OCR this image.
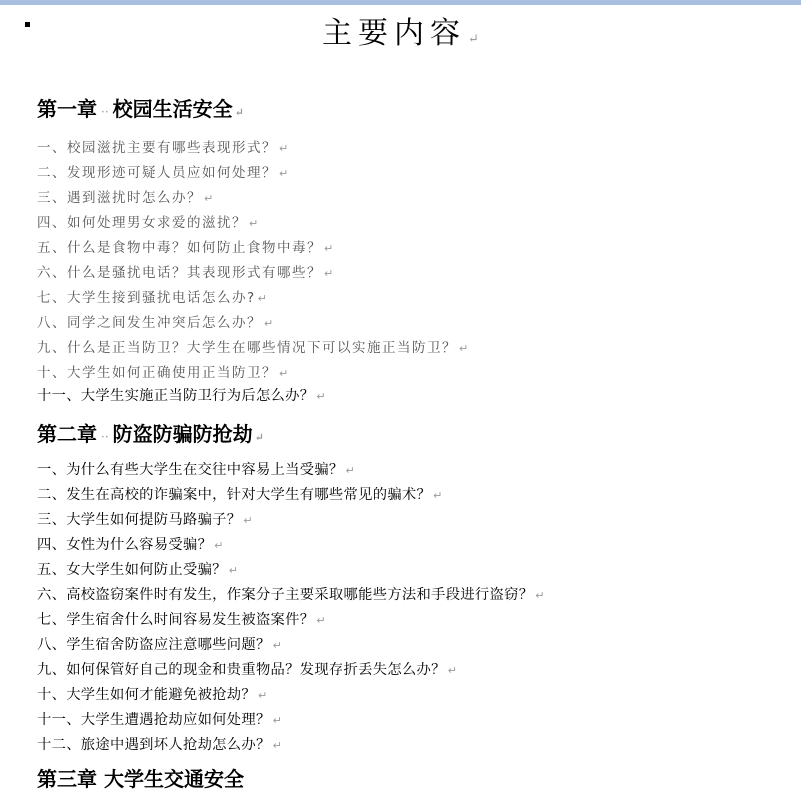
主要内容 ↵
第一章 ·· 校园生活安全 ↵
一、校园滋扰主要有哪些表现形式？ ↵
二、发现形迹可疑人员应如何处理？ ↵
三、遇到滋扰时怎么办？ ↵
四、如何处理男女求爱的滋扰？ ↵
五、什么是食物中毒？如何防止食物中毒？ ↵
六、什么是骚扰电话？其表现形式有哪些？ ↵
七、大学生接到骚扰电话怎么办? ↵
八、同学之间发生冲突后怎么办？ ↵
九、什么是正当防卫？大学生在哪些情况下可以实施正当防卫？ ↵
十、大学生如何正确使用正当防卫？ ↵
十一、大学生实施正当防卫行为后怎么办？ ↵
第二章 ·· 防盗防骗防抢劫 ↵
一、为什么有些大学生在交往中容易上当受骗？ ↵
二、发生在高校的诈骗案中，针对大学生有哪些常见的骗术？ ↵
三、大学生如何提防马路骗子？ ↵
四、女性为什么容易受骗？ ↵
五、女大学生如何防止受骗？ ↵
六、高校盗窃案件时有发生，作案分子主要采取哪能些方法和手段进行盗窃？ ↵
七、学生宿舍什么时间容易发生被盗案件？ ↵
八、学生宿舍防盗应注意哪些问题？ ↵
九、如何保管好自己的现金和贵重物品？发现存折丢失怎么办？ ↵
十、大学生如何才能避免被抢劫？ ↵
十一、大学生遭遇抢劫应如何处理？ ↵
十二、旅途中遇到坏人抢劫怎么办？ ↵
第三章 大学生交通安全
